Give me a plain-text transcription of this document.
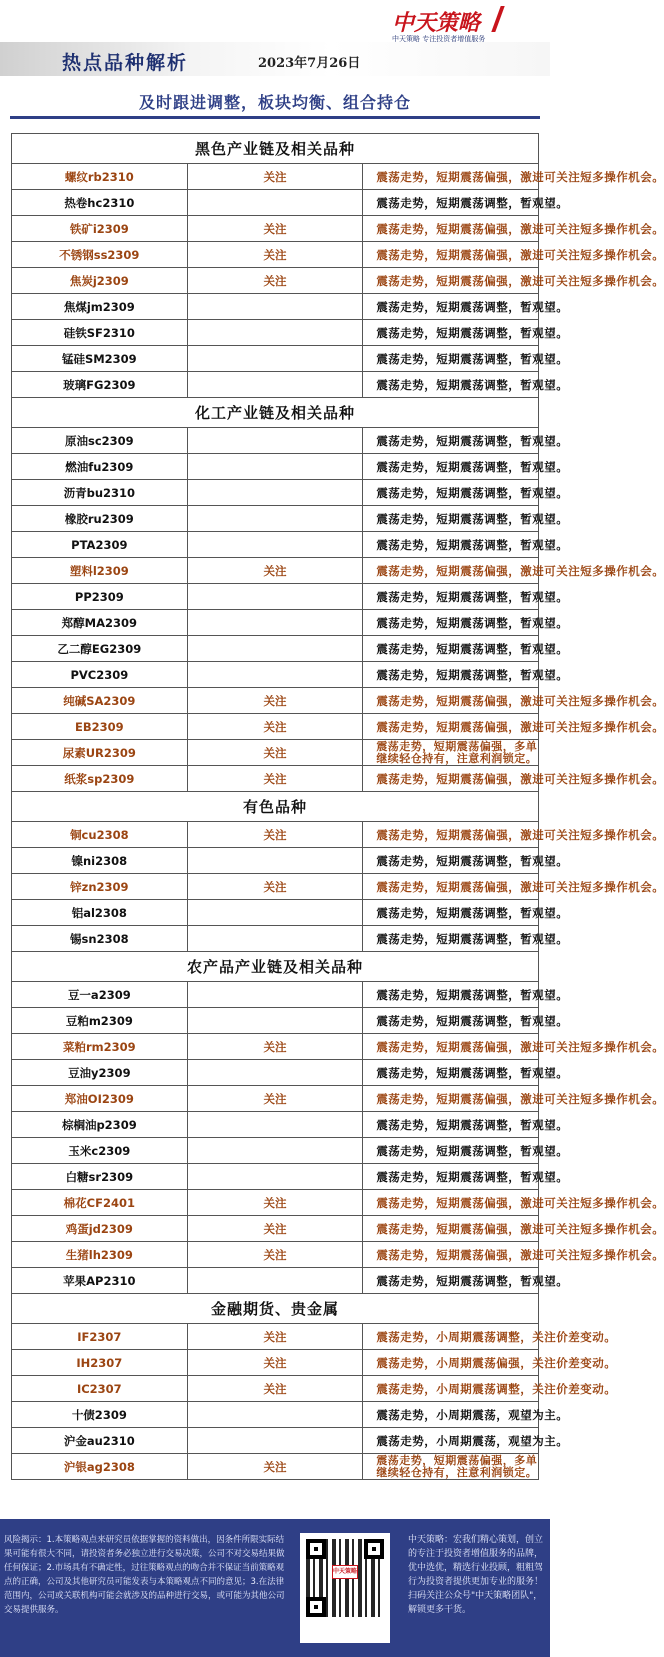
热点品种解析	2023年7月26日
中天策略
中天策略 专注投资者增值服务
及时跟进调整，板块均衡、组合持仓
黑色产业链及相关品种		
螺纹rb2310	关注	震荡走势，短期震荡偏强，激进可关注短多操作机会。
热卷hc2310		震荡走势，短期震荡调整，暂观望。
铁矿i2309	关注	震荡走势，短期震荡偏强，激进可关注短多操作机会。
不锈钢ss2309	关注	震荡走势，短期震荡偏强，激进可关注短多操作机会。
焦炭j2309	关注	震荡走势，短期震荡偏强，激进可关注短多操作机会。
焦煤jm2309		震荡走势，短期震荡调整，暂观望。
硅铁SF2310		震荡走势，短期震荡调整，暂观望。
锰硅SM2309		震荡走势，短期震荡调整，暂观望。
玻璃FG2309		震荡走势，短期震荡调整，暂观望。
化工产业链及相关品种		
原油sc2309		震荡走势，短期震荡调整，暂观望。
燃油fu2309		震荡走势，短期震荡调整，暂观望。
沥青bu2310		震荡走势，短期震荡调整，暂观望。
橡胶ru2309		震荡走势，短期震荡调整，暂观望。
PTA2309		震荡走势，短期震荡调整，暂观望。
塑料l2309	关注	震荡走势，短期震荡偏强，激进可关注短多操作机会。
PP2309		震荡走势，短期震荡调整，暂观望。
郑醇MA2309		震荡走势，短期震荡调整，暂观望。
乙二醇EG2309		震荡走势，短期震荡调整，暂观望。
PVC2309		震荡走势，短期震荡调整，暂观望。
纯碱SA2309	关注	震荡走势，短期震荡偏强，激进可关注短多操作机会。
EB2309	关注	震荡走势，短期震荡偏强，激进可关注短多操作机会。
尿素UR2309	关注	震荡走势，短期震荡偏强，多单继续轻仓持有，注意利润锁定。
纸浆sp2309	关注	震荡走势，短期震荡偏强，激进可关注短多操作机会。
有色品种		
铜cu2308	关注	震荡走势，短期震荡偏强，激进可关注短多操作机会。
镍ni2308		震荡走势，短期震荡调整，暂观望。
锌zn2309	关注	震荡走势，短期震荡偏强，激进可关注短多操作机会。
铝al2308		震荡走势，短期震荡调整，暂观望。
锡sn2308		震荡走势，短期震荡调整，暂观望。
农产品产业链及相关品种		
豆一a2309		震荡走势，短期震荡调整，暂观望。
豆粕m2309		震荡走势，短期震荡调整，暂观望。
菜粕rm2309	关注	震荡走势，短期震荡偏强，激进可关注短多操作机会。
豆油y2309		震荡走势，短期震荡调整，暂观望。
郑油OI2309	关注	震荡走势，短期震荡偏强，激进可关注短多操作机会。
棕榈油p2309		震荡走势，短期震荡调整，暂观望。
玉米c2309		震荡走势，短期震荡调整，暂观望。
白糖sr2309		震荡走势，短期震荡调整，暂观望。
棉花CF2401	关注	震荡走势，短期震荡偏强，激进可关注短多操作机会。
鸡蛋jd2309	关注	震荡走势，短期震荡偏强，激进可关注短多操作机会。
生猪lh2309	关注	震荡走势，短期震荡偏强，激进可关注短多操作机会。
苹果AP2310		震荡走势，短期震荡调整，暂观望。
金融期货、贵金属		
IF2307	关注	震荡走势，小周期震荡调整，关注价差变动。
IH2307	关注	震荡走势，小周期震荡偏强，关注价差变动。
IC2307	关注	震荡走势，小周期震荡调整，关注价差变动。
十债2309		震荡走势，小周期震荡，观望为主。
沪金au2310		震荡走势，小周期震荡，观望为主。
沪银ag2308	关注	震荡走势，短期震荡偏强，多单继续轻仓持有，注意利润锁定。
风险揭示：1.本策略观点来研究员依据掌握的资料做出，因条件所限实际结果可能有很大不同，请投资者务必独立进行交易决策，公司不对交易结果做任何保证；2.市场具有不确定性，过往策略观点的吻合并不保证当前策略观点的正确，公司及其他研究员可能发表与本策略观点不同的意见；3.在法律范围内，公司或关联机构可能会就涉及的品种进行交易，或可能为其他公司交易提供服务。
中天策略
中天策略：宏我们精心策划，创立的专注于投资者增值服务的品牌，优中选优，精选行业投顾，粗粗驾行为投资者提供更加专业的服务！扫码关注公众号"中天策略团队"，解锁更多干货。
